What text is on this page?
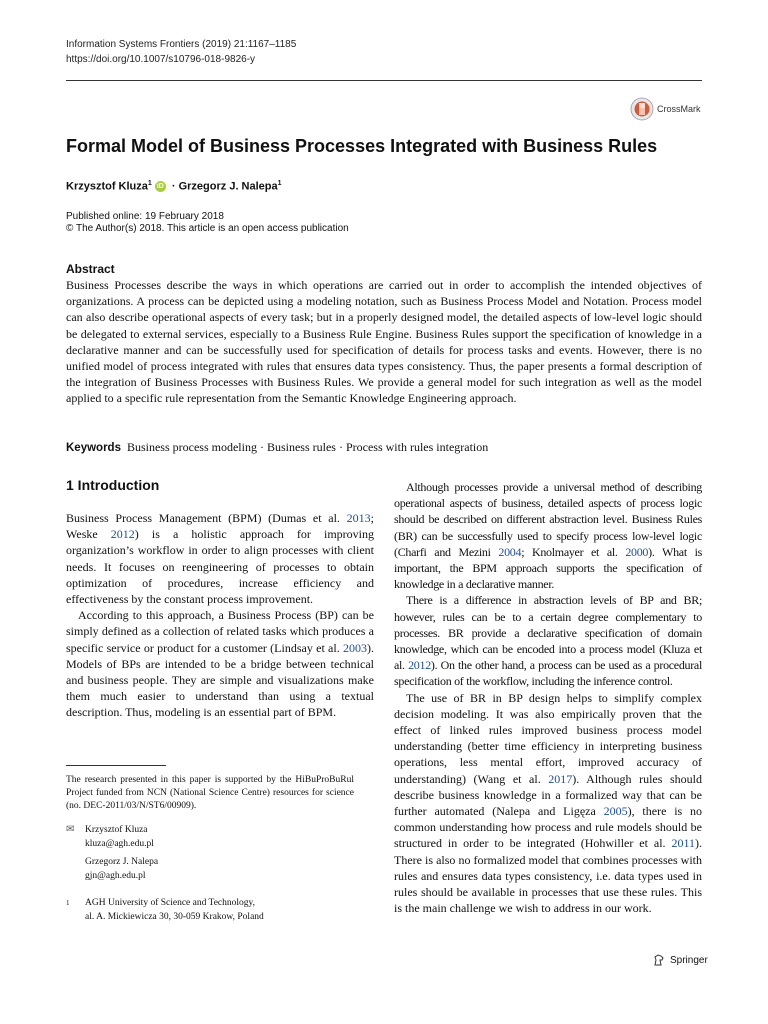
Information Systems Frontiers (2019) 21:1167–1185
https://doi.org/10.1007/s10796-018-9826-y
CrossMark
Formal Model of Business Processes Integrated with Business Rules
Krzysztof Kluza$^1$ iD · Grzegorz J. Nalepa$^1$
Published online: 19 February 2018
© The Author(s) 2018. This article is an open access publication
Abstract

Business Processes describe the ways in which operations are carried out in order to accomplish the intended objectives of organizations. A process can be depicted using a modeling notation, such as Business Process Model and Notation. Process model can also describe operational aspects of every task; but in a properly designed model, the detailed aspects of low-level logic should be delegated to external services, especially to a Business Rule Engine. Business Rules support the specification of knowledge in a declarative manner and can be successfully used for specification of details for process tasks and events. However, there is no unified model of process integrated with rules that ensures data types consistency. Thus, the paper presents a formal description of the integration of Business Processes with Business Rules. We provide a general model for such integration as well as the model applied to a specific rule representation from the Semantic Knowledge Engineering approach.

Keywords Business process modeling · Business rules · Process with rules integration
1 Introduction

Business Process Management (BPM) (Dumas et al. 2013; Weske 2012) is a holistic approach for improving organization’s workflow in order to align processes with client needs. It focuses on reengineering of processes to obtain optimization of procedures, increase efficiency and effectiveness by the constant process improvement.

According to this approach, a Business Process (BP) can be simply defined as a collection of related tasks which produces a specific service or product for a customer (Lindsay et al. 2003). Models of BPs are intended to be a bridge between technical and business people. They are simple and visualizations make them much easier to understand than using a textual description. Thus, modeling is an essential part of BPM.

Although processes provide a universal method of describing operational aspects of business, detailed aspects of process logic should be described on different abstraction level. Business Rules (BR) can be successfully used to specify process low-level logic (Charfi and Mezini 2004; Knolmayer et al. 2000). What is important, the BPM approach supports the specification of knowledge in a declarative manner.

There is a difference in abstraction levels of BP and BR; however, rules can be to a certain degree complementary to processes. BR provide a declarative specification of domain knowledge, which can be encoded into a process model (Kluza et al. 2012). On the other hand, a process can be used as a procedural specification of the workflow, including the inference control.

The use of BR in BP design helps to simplify complex decision modeling. It was also empirically proven that the effect of linked rules improved business process model understanding (better time efficiency in interpreting business operations, less mental effort, improved accuracy of understanding) (Wang et al. 2017). Although rules should describe business knowledge in a formalized way that can be further automated (Nalepa and Ligęza 2005), there is no common understanding how process and rule models should be structured in order to be integrated (Hohwiller et al. 2011). There is also no formalized model that combines processes with rules and ensures data types consistency, i.e. data types used in rules should be available in processes that use these rules. This is the main challenge we wish to address in our work.

The research presented in this paper is supported by the HiBuProBuRul Project funded from NCN (National Science Centre) resources for science (no. DEC-2011/03/N/ST6/00909).

✉ Krzysztof Kluza
kluza@agh.edu.pl
Grzegorz J. Nalepa
gjn@agh.edu.pl
1 AGH University of Science and Technology,
al. A. Mickiewicza 30, 30-059 Krakow, Poland
Springer
